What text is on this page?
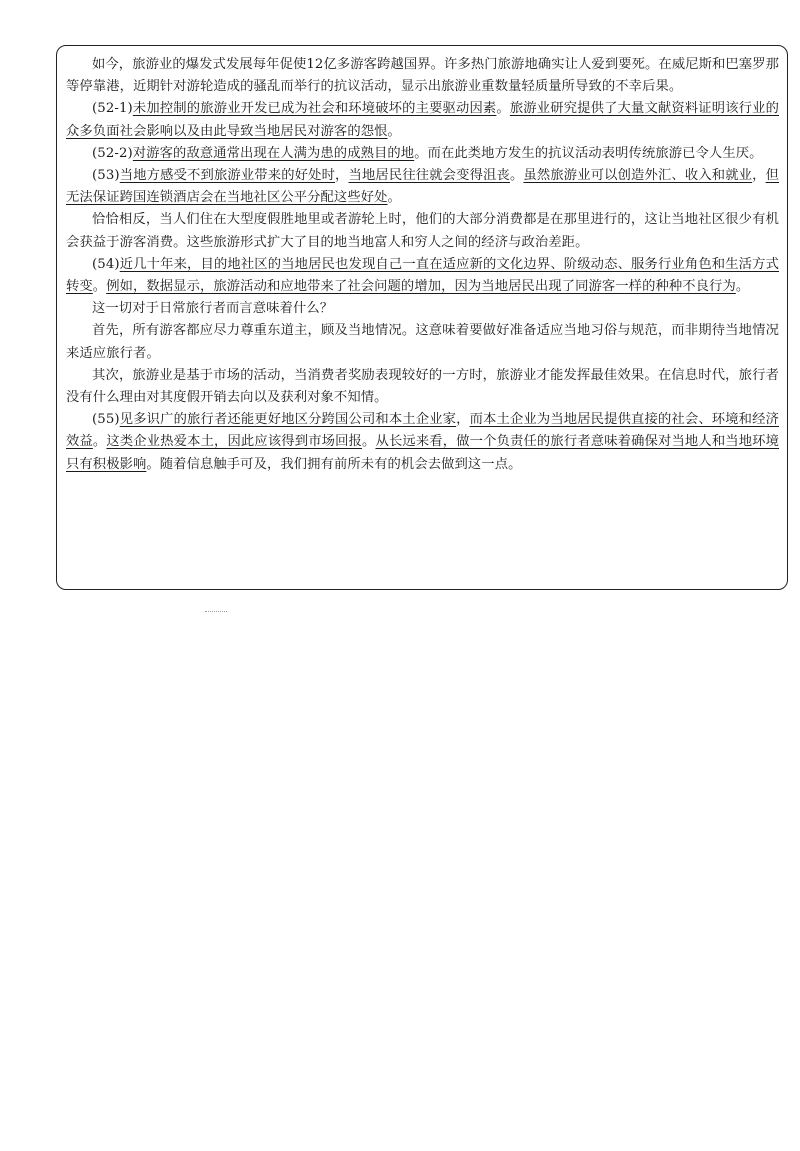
如今，旅游业的爆发式发展每年促使12亿多游客跨越国界。许多热门旅游地确实让人爱到要死。在威尼斯和巴塞罗那等停靠港，近期针对游轮造成的骚乱而举行的抗议活动，显示出旅游业重数量轻质量所导致的不幸后果。

(52-1)未加控制的旅游业开发已成为社会和环境破坏的主要驱动因素。旅游业研究提供了大量文献资料证明该行业的众多负面社会影响以及由此导致当地居民对游客的怨恨。

(52-2)对游客的敌意通常出现在人满为患的成熟目的地。而在此类地方发生的抗议活动表明传统旅游已令人生厌。

(53)当地方感受不到旅游业带来的好处时，当地居民往往就会变得沮丧。虽然旅游业可以创造外汇、收入和就业，但无法保证跨国连锁酒店会在当地社区公平分配这些好处。

恰恰相反，当人们住在大型度假胜地里或者游轮上时，他们的大部分消费都是在那里进行的，这让当地社区很少有机会获益于游客消费。这些旅游形式扩大了目的地当地富人和穷人之间的经济与政治差距。

(54)近几十年来，目的地社区的当地居民也发现自己一直在适应新的文化边界、阶级动态、服务行业角色和生活方式转变。例如，数据显示，旅游活动和应地带来了社会问题的增加，因为当地居民出现了同游客一样的种种不良行为。

这一切对于日常旅行者而言意味着什么？

首先，所有游客都应尽力尊重东道主，顾及当地情况。这意味着要做好准备适应当地习俗与规范，而非期待当地情况来适应旅行者。

其次，旅游业是基于市场的活动，当消费者奖励表现较好的一方时，旅游业才能发挥最佳效果。在信息时代，旅行者没有什么理由对其度假开销去向以及获利对象不知情。

(55)见多识广的旅行者还能更好地区分跨国公司和本土企业家，而本土企业为当地居民提供直接的社会、环境和经济效益。这类企业热爱本土，因此应该得到市场回报。从长远来看，做一个负责任的旅行者意味着确保对当地人和当地环境只有积极影响。随着信息触手可及，我们拥有前所未有的机会去做到这一点。
